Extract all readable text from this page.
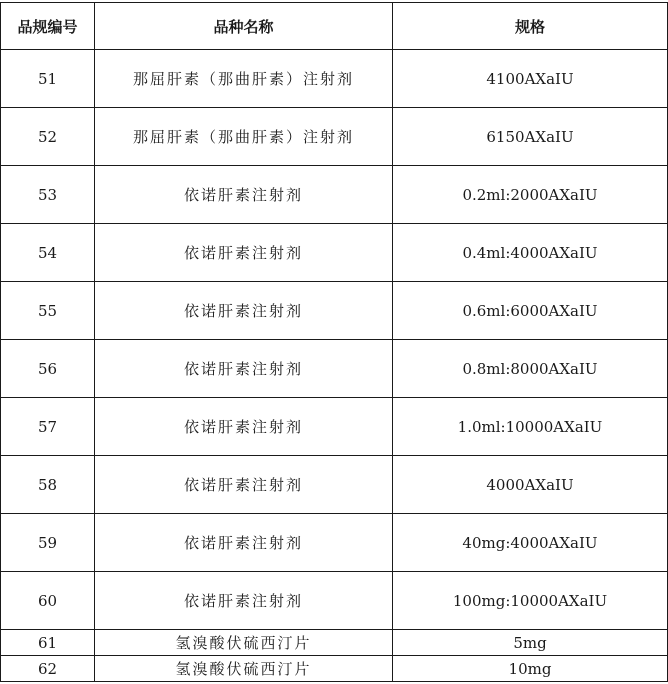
品规编号	品种名称	规格
51	那屈肝素（那曲肝素）注射剂	4100AXaIU
52	那屈肝素（那曲肝素）注射剂	6150AXaIU
53	依诺肝素注射剂	0.2ml:2000AXaIU
54	依诺肝素注射剂	0.4ml:4000AXaIU
55	依诺肝素注射剂	0.6ml:6000AXaIU
56	依诺肝素注射剂	0.8ml:8000AXaIU
57	依诺肝素注射剂	1.0ml:10000AXaIU
58	依诺肝素注射剂	4000AXaIU
59	依诺肝素注射剂	40mg:4000AXaIU
60	依诺肝素注射剂	100mg:10000AXaIU
61	氢溴酸伏硫西汀片	5mg
62	氢溴酸伏硫西汀片	10mg
